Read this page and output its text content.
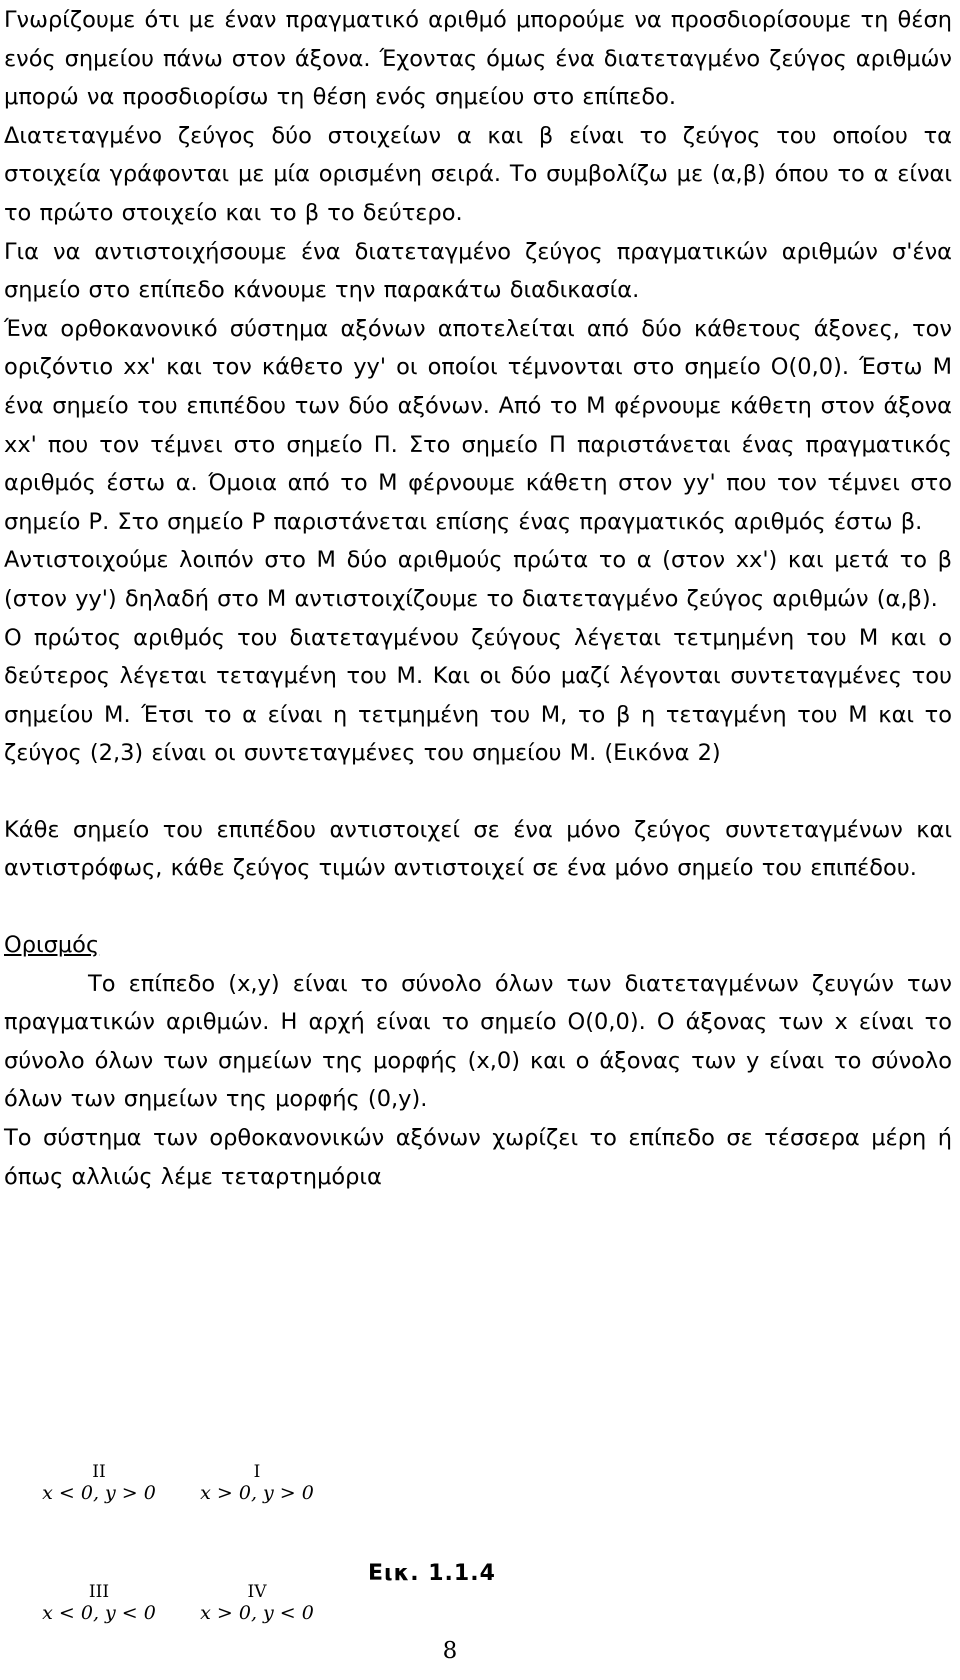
Γνωρίζουμε ότι με έναν πραγματικό αριθμό μπορούμε να προσδιορίσουμε τη θέση ενός σημείου πάνω στον άξονα. Έχοντας όμως ένα διατεταγμένο ζεύγος αριθμών μπορώ να προσδιορίσω τη θέση ενός σημείου στο επίπεδο.

Διατεταγμένο ζεύγος δύο στοιχείων α και β είναι το ζεύγος του οποίου τα στοιχεία γράφονται με μία ορισμένη σειρά. Το συμβολίζω με (α,β) όπου το α είναι το πρώτο στοιχείο και το β το δεύτερο.

Για να αντιστοιχήσουμε ένα διατεταγμένο ζεύγος πραγματικών αριθμών σ'ένα σημείο στο επίπεδο κάνουμε την παρακάτω διαδικασία.

Ένα ορθοκανονικό σύστημα αξόνων αποτελείται από δύο κάθετους άξονες, τον οριζόντιο xx' και τον κάθετο yy' οι οποίοι τέμνονται στο σημείο Ο(0,0). Έστω Μ ένα σημείο του επιπέδου των δύο αξόνων. Από το Μ φέρνουμε κάθετη στον άξονα xx' που τον τέμνει στο σημείο Π. Στο σημείο Π παριστάνεται ένας πραγματικός αριθμός έστω α. Όμοια από το Μ φέρνουμε κάθετη στον yy' που τον τέμνει στο σημείο Ρ. Στο σημείο Ρ παριστάνεται επίσης ένας πραγματικός αριθμός έστω β.

Αντιστοιχούμε λοιπόν στο Μ δύο αριθμούς πρώτα το α (στον xx') και μετά το β (στον yy') δηλαδή στο Μ αντιστοιχίζουμε το διατεταγμένο ζεύγος αριθμών (α,β).

Ο πρώτος αριθμός του διατεταγμένου ζεύγους λέγεται τετμημένη του Μ και ο δεύτερος λέγεται τεταγμένη του Μ. Και οι δύο μαζί λέγονται συντεταγμένες του σημείου Μ. Έτσι το α είναι η τετμημένη του Μ, το β η τεταγμένη του Μ και το ζεύγος (2,3) είναι οι συντεταγμένες του σημείου Μ. (Εικόνα 2)

Κάθε σημείο του επιπέδου αντιστοιχεί σε ένα μόνο ζεύγος συντεταγμένων και αντιστρόφως, κάθε ζεύγος τιμών αντιστοιχεί σε ένα μόνο σημείο του επιπέδου.

Ορισμός

Το επίπεδο (x,y) είναι το σύνολο όλων των διατεταγμένων ζευγών των πραγματικών αριθμών. Η αρχή είναι το σημείο Ο(0,0). Ο άξονας των x είναι το σύνολο όλων των σημείων της μορφής (x,0) και ο άξονας των y είναι το σύνολο όλων των σημείων της μορφής (0,y).

Το σύστημα των ορθοκανονικών αξόνων χωρίζει το επίπεδο σε τέσσερα μέρη ή όπως αλλιώς λέμε τεταρτημόρια

II
x < 0, y > 0
I
x > 0, y > 0
III
x < 0, y < 0
IV
x > 0, y < 0
Εικ. 1.1.4
8
